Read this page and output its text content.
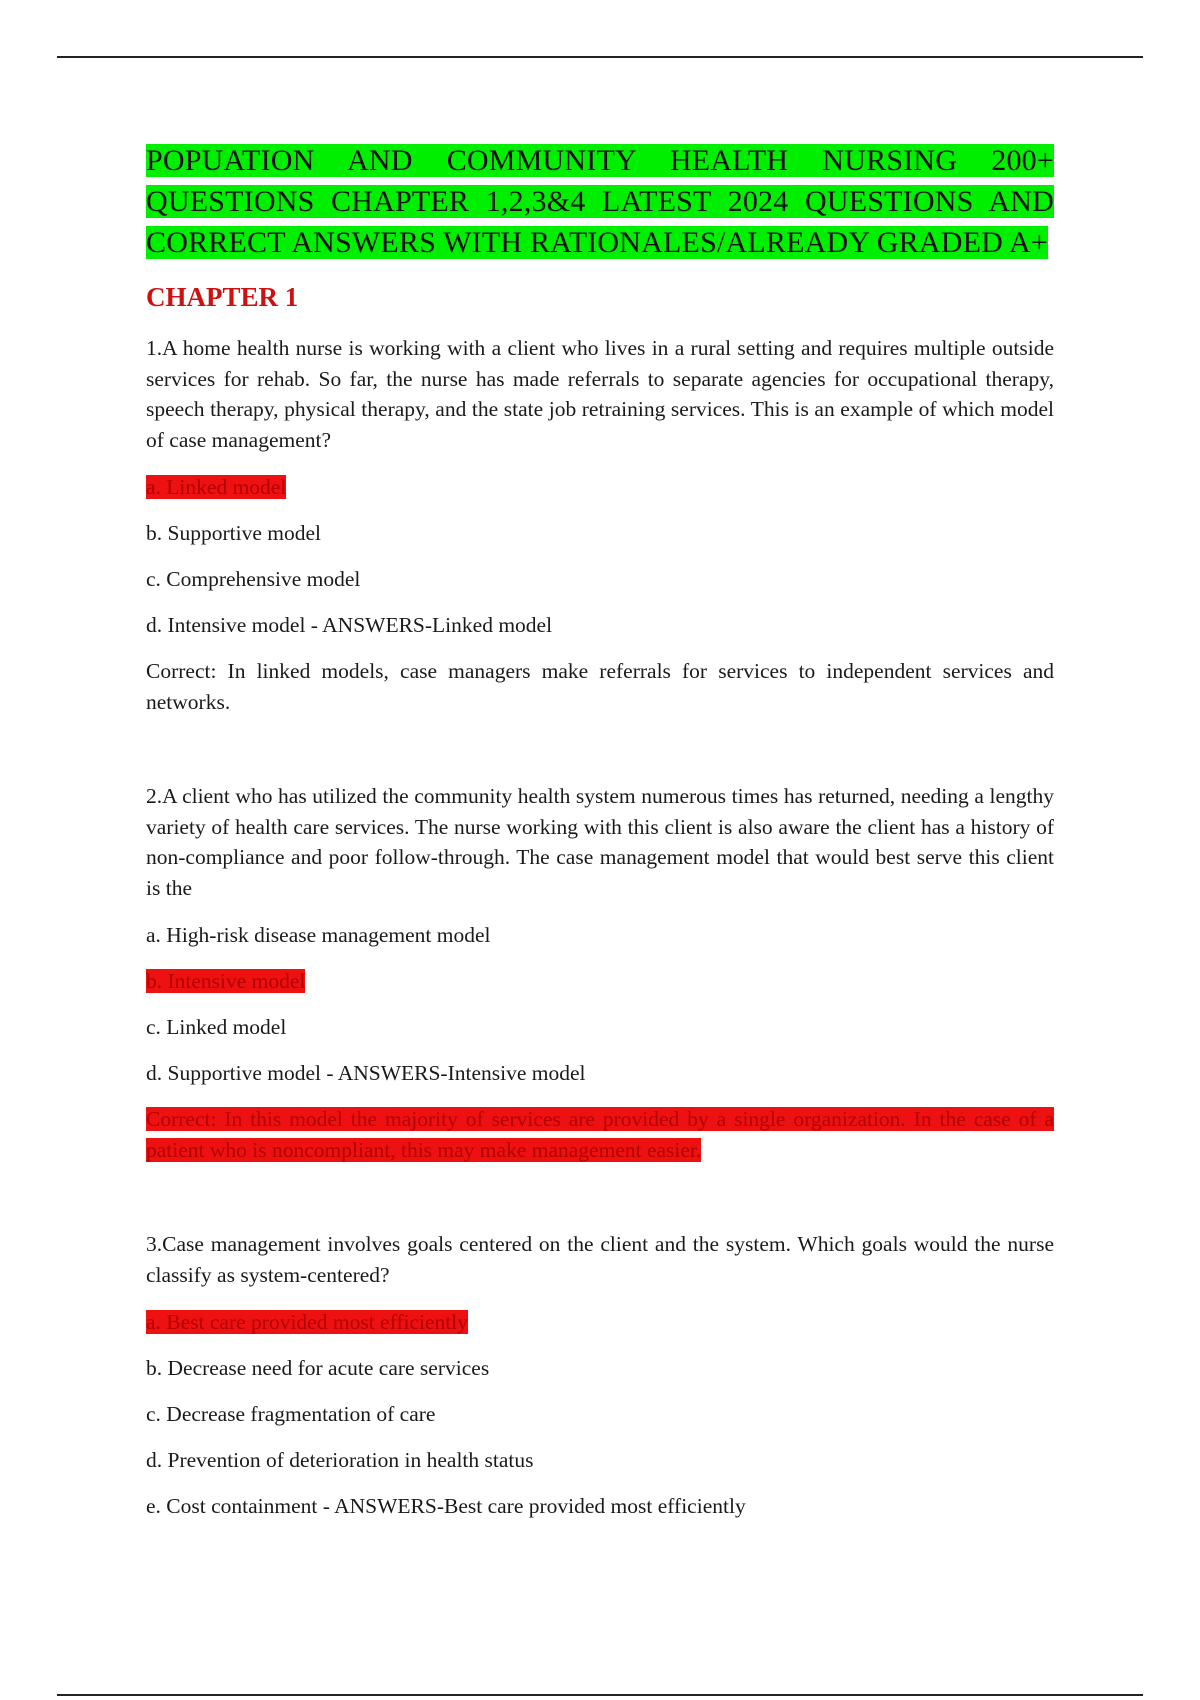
POPUATION AND COMMUNITY HEALTH NURSING 200+ QUESTIONS CHAPTER 1,2,3&4 LATEST 2024 QUESTIONS AND CORRECT ANSWERS WITH RATIONALES/ALREADY GRADED A+
CHAPTER 1

1.A home health nurse is working with a client who lives in a rural setting and requires multiple outside services for rehab. So far, the nurse has made referrals to separate agencies for occupational therapy, speech therapy, physical therapy, and the state job retraining services. This is an example of which model of case management?

a. Linked model

b. Supportive model

c. Comprehensive model

d. Intensive model - ANSWERS-Linked model

Correct: In linked models, case managers make referrals for services to independent services and networks.

2.A client who has utilized the community health system numerous times has returned, needing a lengthy variety of health care services. The nurse working with this client is also aware the client has a history of non-compliance and poor follow-through. The case management model that would best serve this client is the

a. High-risk disease management model

b. Intensive model

c. Linked model

d. Supportive model - ANSWERS-Intensive model

Correct: In this model the majority of services are provided by a single organization. In the case of a patient who is noncompliant, this may make management easier.

3.Case management involves goals centered on the client and the system. Which goals would the nurse classify as system-centered?

a. Best care provided most efficiently

b. Decrease need for acute care services

c. Decrease fragmentation of care

d. Prevention of deterioration in health status

e. Cost containment - ANSWERS-Best care provided most efficiently
